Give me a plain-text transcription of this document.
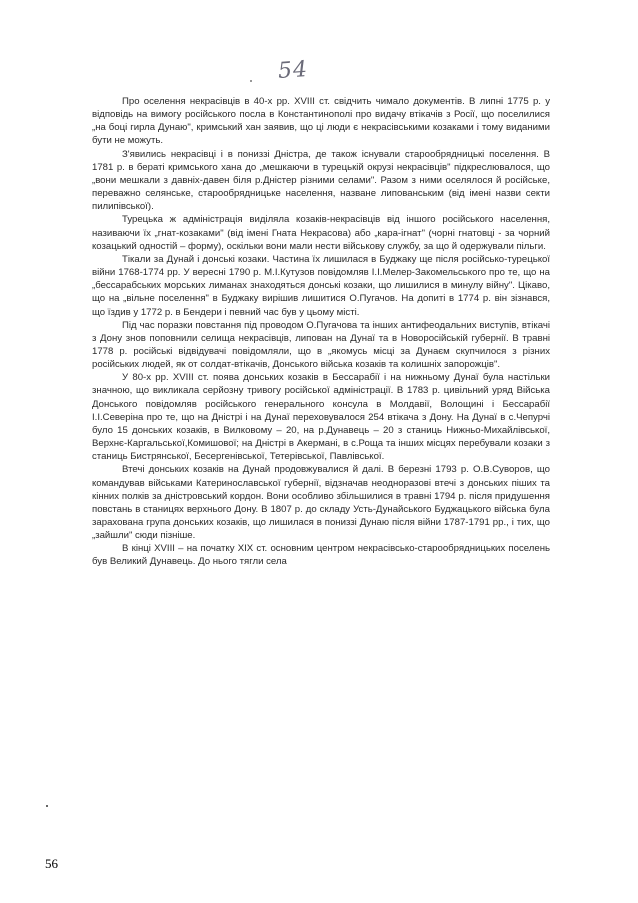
54

Про оселення некрасівців в 40-х рр. XVIII ст. свідчить чимало документів. В липні 1775 р. у відповідь на вимогу російського посла в Константинополі про видачу втікачів з Росії, що поселилися „на боці гирла Дунаю", кримський хан заявив, що ці люди є некрасівськими козаками і тому виданими бути не можуть.

З'явились некрасівці і в пониззі Дністра, де також існували старообрядницькі поселення. В 1781 р. в бераті кримського хана до „мешкаючи в турецькій окрузі некрасівців" підкреслювалося, що „вони мешкали з давніх-давен біля р.Дністер різними селами". Разом з ними оселялося й російське, переважно селянське, старообрядницьке населення, назване липованським (від імені назви секти пилипівської).

Турецька ж адміністрація виділяла козаків-некрасівців від іншого російського населення, називаючи їх „гнат-козаками" (від імені Гната Некрасова) або „кара-ігнат" (чорні гнатовці - за чорний козацький одностій – форму), оскільки вони мали нести військову службу, за що й одержували пільги.

Тікали за Дунай і донські козаки. Частина їх лишилася в Буджаку ще після російсько-турецької війни 1768-1774 рр. У вересні 1790 р. М.І.Кутузов повідомляв І.І.Мелер-Закомельського про те, що на „бессарабських морських лиманах знаходяться донські козаки, що лишилися в минулу війну". Цікаво, що на „вільне поселення" в Буджаку вирішив лишитися О.Пугачов. На допиті в 1774 р. він зізнався, що їздив у 1772 р. в Бендери і певний час був у цьому місті.

Під час поразки повстання під проводом О.Пугачова та інших антифеодальних виступів, втікачі з Дону знов поповнили селища некрасівців, липован на Дунаї та в Новоросійській губернії. В травні 1778 р. російські відвідувачі повідомляли, що в „якомусь місці за Дунаєм скупчилося з різних російських людей, як от солдат-втікачів, Донського війська козаків та колишніх запорожців".

У 80-х рр. XVIII ст. поява донських козаків в Бессарабії і на нижньому Дунаї була настільки значною, що викликала серйозну тривогу російської адміністрації. В 1783 р. цивільний уряд Війська Донського повідомляв російського генерального консула в Молдавії, Волощині і Бессарабії І.І.Северіна про те, що на Дністрі і на Дунаї переховувалося 254 втікача з Дону. На Дунаї в с.Чепурчі було 15 донських козаків, в Вилковому – 20, на р.Дунавець – 20 з станиць Нижньо-Михайлівської, Верхнє-Каргальської,Комишової; на Дністрі в Акермані, в с.Роща та інших місцях перебували козаки з станиць Бистрянської, Бесергенівської, Тетерівської, Павлівської.

Втечі донських козаків на Дунай продовжувалися й далі. В березні 1793 р. О.В.Суворов, що командував військами Катеринославської губернії, відзначав неодноразові втечі з донських піших та кінних полків за дністровський кордон. Вони особливо збільшилися в травні 1794 р. після придушення повстань в станицях верхнього Дону. В 1807 р. до складу Усть-Дунайського Буджацького війська була зарахована група донських козаків, що лишилася в пониззі Дунаю після війни 1787-1791 рр., і тих, що „зайшли" сюди пізніше.

В кінці XVIII – на початку XIX ст. основним центром некрасівсько-старообрядницьких поселень був Великий Дунавець. До нього тягли села

56
